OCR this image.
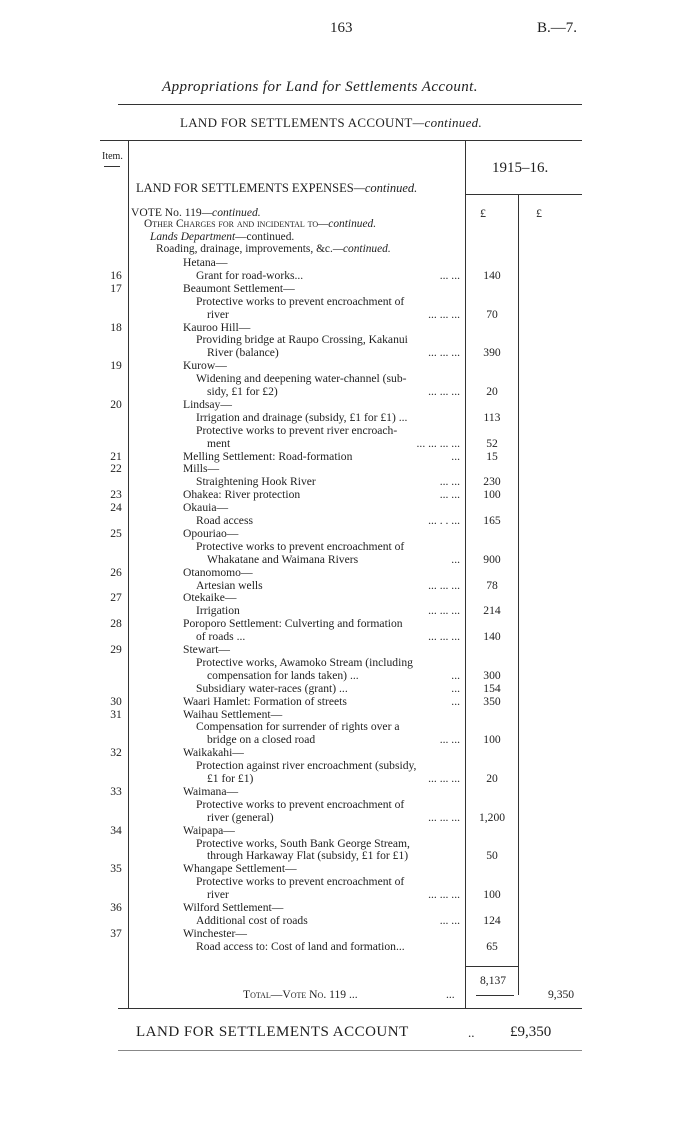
163	B.—7.
Appropriations for Land for Settlements Account.
LAND FOR SETTLEMENTS ACCOUNT—continued.
Item.
1915–16.
LAND FOR SETTLEMENTS EXPENSES—continued.
VOTE No. 119—continued.	£	£
Other Charges for and incidental to—continued.
Lands Department—continued.
Roading, drainage, improvements, &c.—continued.
Hetana—
16	Grant for road-works...	... ...	140
17	Beaumont Settlement—
Protective works to prevent encroachment of
river	... ... ...	70
18	Kauroo Hill—
Providing bridge at Raupo Crossing, Kakanui
River (balance)	... ... ...	390
19	Kurow—
Widening and deepening water-channel (sub-
sidy, £1 for £2)	... ... ...	20
20	Lindsay—
Irrigation and drainage (subsidy, £1 for £1) ...	113
Protective works to prevent river encroach-
ment	... ... ... ...	52
21	Melling Settlement: Road-formation	...	15
22	Mills—
Straightening Hook River	... ...	230
23	Ohakea: River protection	... ...	100
24	Okauia—
Road access	... . . ...	165
25	Opouriao—
Protective works to prevent encroachment of
Whakatane and Waimana Rivers	...	900
26	Otanomomo—
Artesian wells	... ... ...	78
27	Otekaike—
Irrigation	... ... ...	214
28	Poroporo Settlement: Culverting and formation
of roads ...	... ... ...	140
29	Stewart—
Protective works, Awamoko Stream (including
compensation for lands taken) ...	...	300
Subsidiary water-races (grant) ...	...	154
30	Waari Hamlet: Formation of streets	...	350
31	Waihau Settlement—
Compensation for surrender of rights over a
bridge on a closed road	... ...	100
32	Waikakahi—
Protection against river encroachment (subsidy,
£1 for £1)	... ... ...	20
33	Waimana—
Protective works to prevent encroachment of
river (general)	... ... ...	1,200
34	Waipapa—
Protective works, South Bank George Stream,
through Harkaway Flat (subsidy, £1 for £1)	50
35	Whangape Settlement—
Protective works to prevent encroachment of
river	... ... ...	100
36	Wilford Settlement—
Additional cost of roads	... ...	124
37	Winchester—
Road access to: Cost of land and formation...	65
8,137
Total—Vote No. 119 ...	...	9,350
LAND FOR SETTLEMENTS ACCOUNT	.. £9,350
